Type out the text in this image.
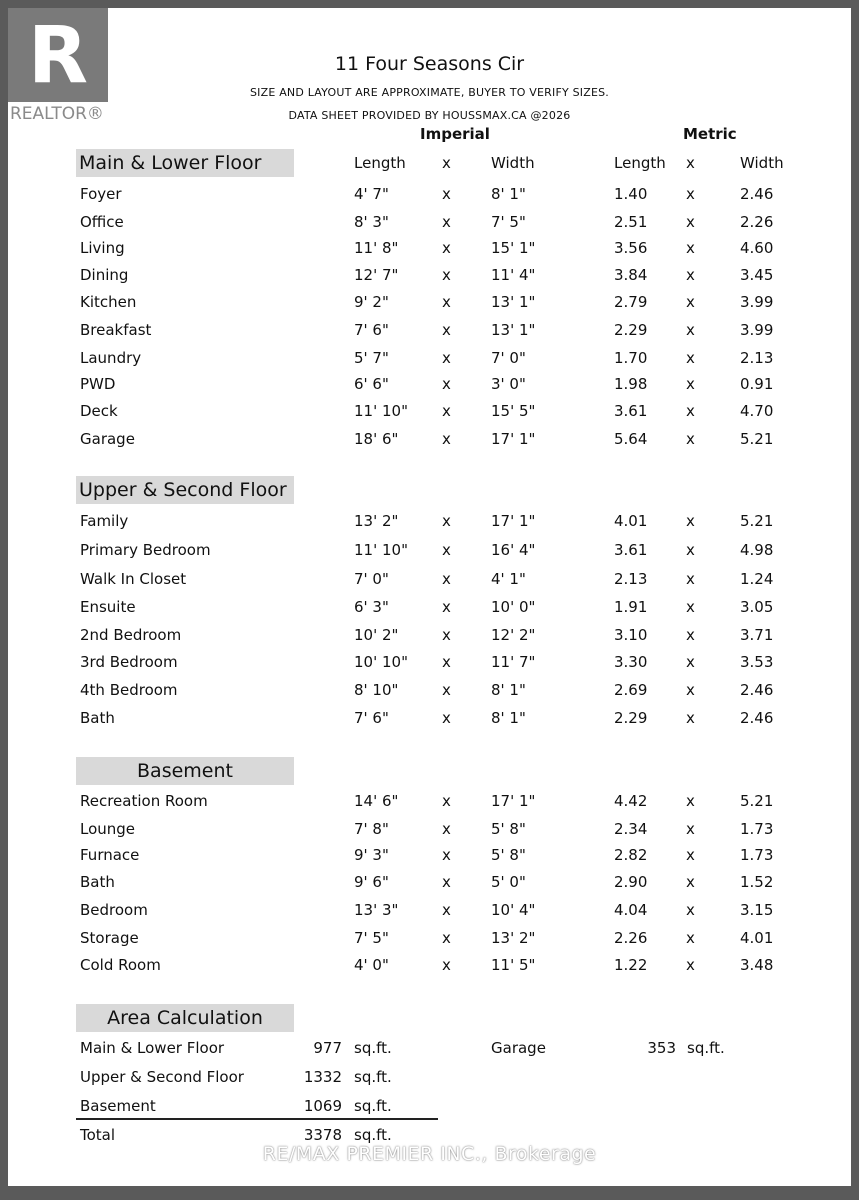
R
REALTOR®
11 Four Seasons Cir
SIZE AND LAYOUT ARE APPROXIMATE, BUYER TO VERIFY SIZES.
DATA SHEET PROVIDED BY HOUSSMAX.CA @2026
Imperial	Metric
Main & Lower Floor	Length x	Width	Length x	Width
Foyer	4' 7"	x	8' 1"	1.40	x	2.46
Office	8' 3"	x	7' 5"	2.51	x	2.26
Living	11' 8"	x	15' 1"	3.56	x	4.60
Dining	12' 7"	x	11' 4"	3.84	x	3.45
Kitchen	9' 2"	x	13' 1"	2.79	x	3.99
Breakfast	7' 6"	x	13' 1"	2.29	x	3.99
Laundry	5' 7"	x	7' 0"	1.70	x	2.13
PWD	6' 6"	x	3' 0"	1.98	x	0.91
Deck	11' 10" x	15' 5"	3.61	x	4.70
Garage	18' 6"	x	17' 1"	5.64	x	5.21
Upper & Second Floor
Family	13' 2"	x	17' 1"	4.01	x	5.21
Primary Bedroom	11' 10" x	16' 4"	3.61	x	4.98
Walk In Closet	7' 0"	x	4' 1"	2.13	x	1.24
Ensuite	6' 3"	x	10' 0"	1.91	x	3.05
2nd Bedroom	10' 2"	x	12' 2"	3.10	x	3.71
3rd Bedroom	10' 10" x	11' 7"	3.30	x	3.53
4th Bedroom	8' 10"	x	8' 1"	2.69	x	2.46
Bath	7' 6"	x	8' 1"	2.29	x	2.46
Basement
Recreation Room	14' 6"	x	17' 1"	4.42	x	5.21
Lounge	7' 8"	x	5' 8"	2.34	x	1.73
Furnace	9' 3"	x	5' 8"	2.82	x	1.73
Bath	9' 6"	x	5' 0"	2.90	x	1.52
Bedroom	13' 3"	x	10' 4"	4.04	x	3.15
Storage	7' 5"	x	13' 2"	2.26	x	4.01
Cold Room	4' 0"	x	11' 5"	1.22	x	3.48
Area Calculation
Main & Lower Floor	977 sq.ft.
Upper & Second Floor	1332 sq.ft.
Basement	1069 sq.ft.
Garage	353 sq.ft.
Total	3378 sq.ft.
RE/MAX PREMIER INC., Brokerage
